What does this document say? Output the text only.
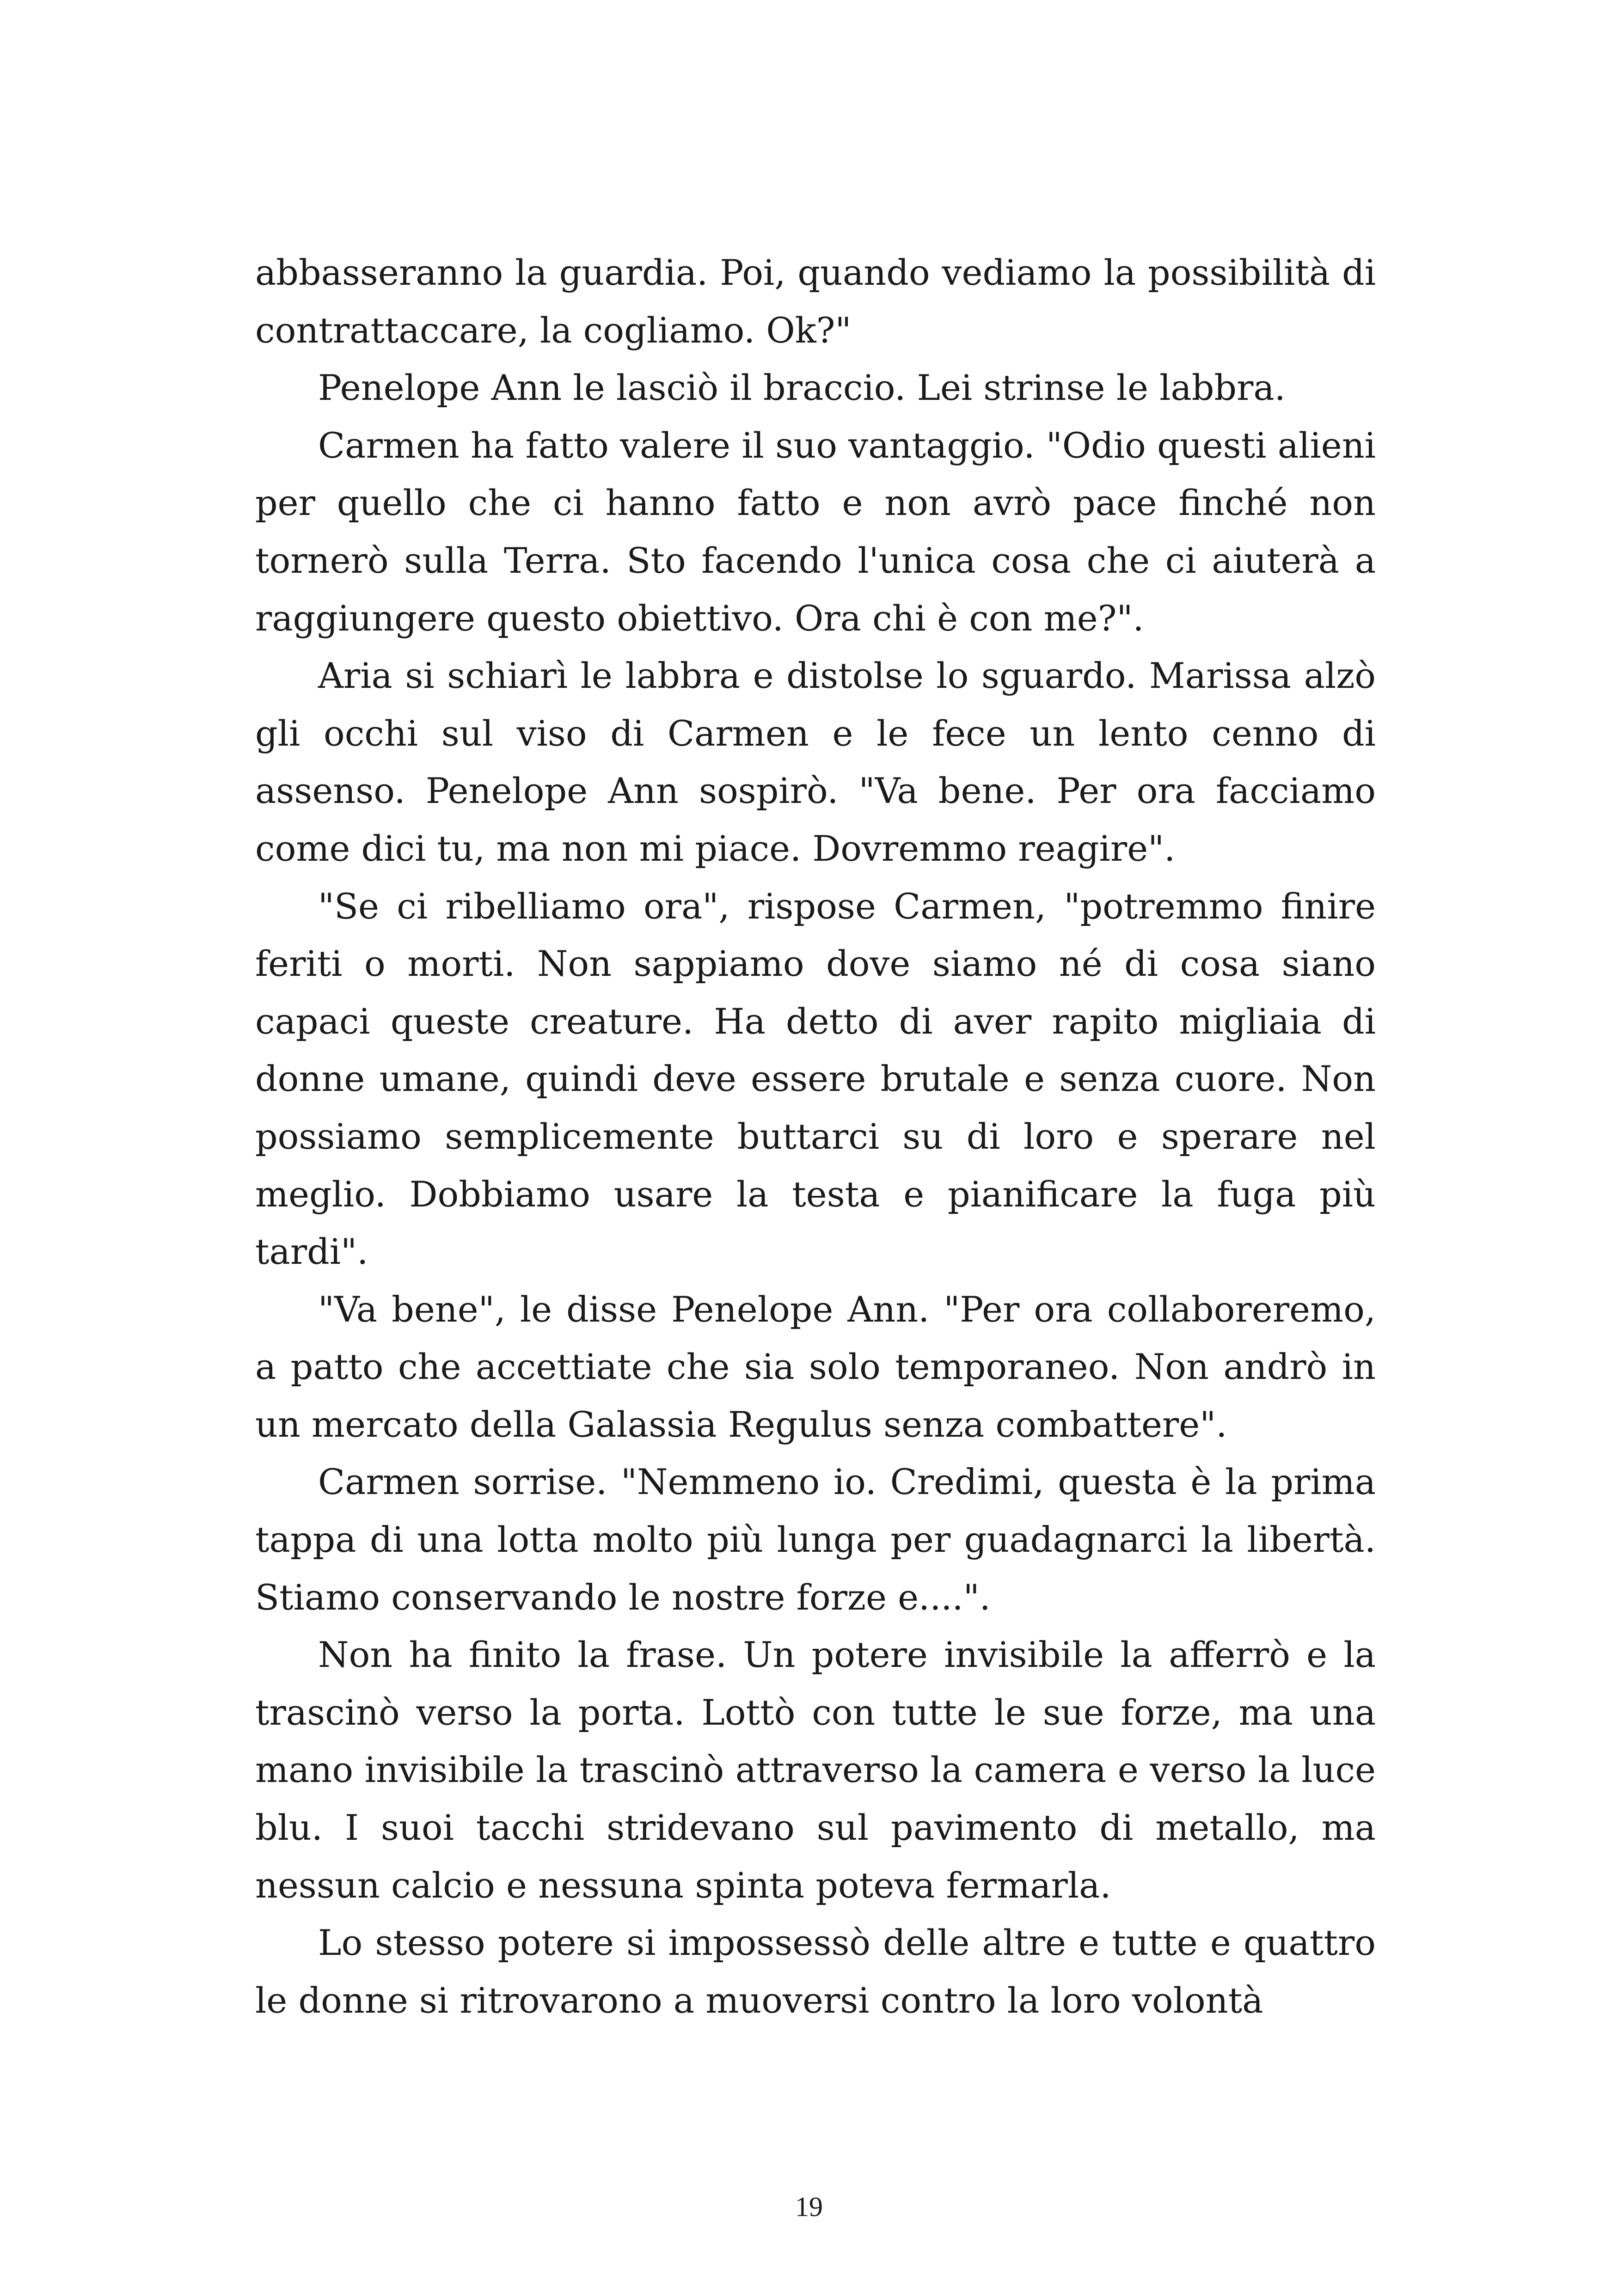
abbasseranno la guardia. Poi, quando vediamo la possibilità di contrattaccare, la cogliamo. Ok?"

Penelope Ann le lasciò il braccio. Lei strinse le labbra.

Carmen ha fatto valere il suo vantaggio. "Odio questi alieni per quello che ci hanno fatto e non avrò pace finché non tornerò sulla Terra. Sto facendo l'unica cosa che ci aiuterà a raggiungere questo obiettivo. Ora chi è con me?".

Aria si schiarì le labbra e distolse lo sguardo. Marissa alzò gli occhi sul viso di Carmen e le fece un lento cenno di assenso. Penelope Ann sospirò. "Va bene. Per ora facciamo come dici tu, ma non mi piace. Dovremmo reagire".

"Se ci ribelliamo ora", rispose Carmen, "potremmo finire feriti o morti. Non sappiamo dove siamo né di cosa siano capaci queste creature. Ha detto di aver rapito migliaia di donne umane, quindi deve essere brutale e senza cuore. Non possiamo semplicemente buttarci su di loro e sperare nel meglio. Dobbiamo usare la testa e pianificare la fuga più tardi".

"Va bene", le disse Penelope Ann. "Per ora collaboreremo, a patto che accettiate che sia solo temporaneo. Non andrò in un mercato della Galassia Regulus senza combattere".

Carmen sorrise. "Nemmeno io. Credimi, questa è la prima tappa di una lotta molto più lunga per guadagnarci la libertà. Stiamo conservando le nostre forze e....".

Non ha finito la frase. Un potere invisibile la afferrò e la trascinò verso la porta. Lottò con tutte le sue forze, ma una mano invisibile la trascinò attraverso la camera e verso la luce blu. I suoi tacchi stridevano sul pavimento di metallo, ma nessun calcio e nessuna spinta poteva fermarla.

Lo stesso potere si impossessò delle altre e tutte e quattro le donne si ritrovarono a muoversi contro la loro volontà

19
